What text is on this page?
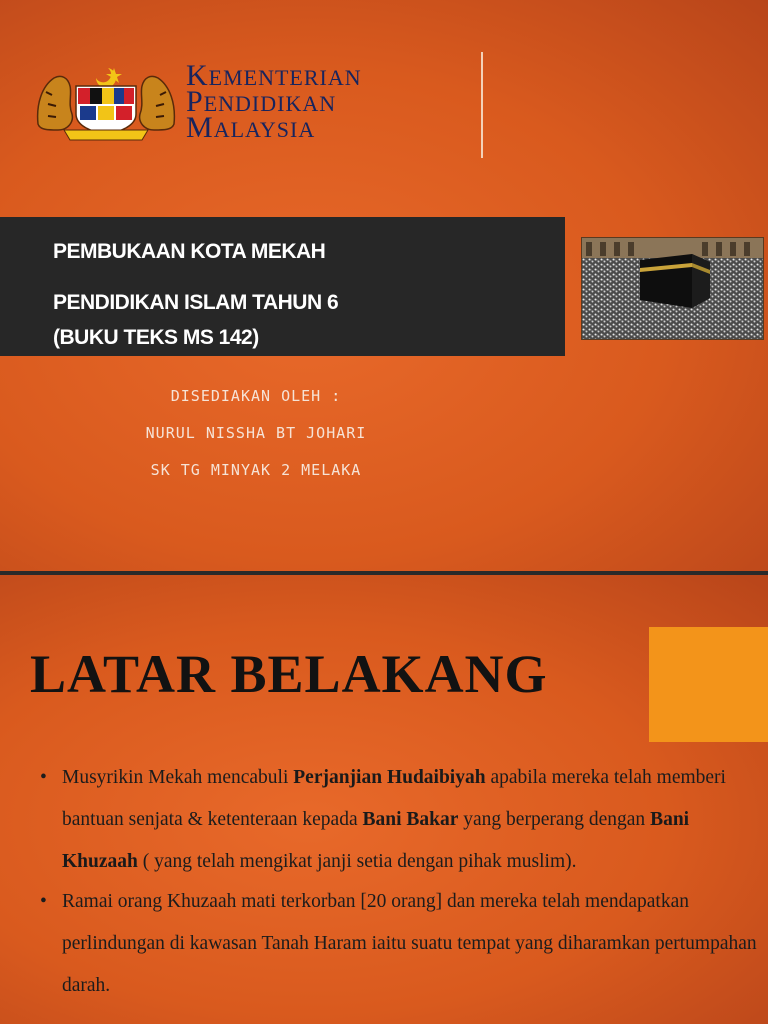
KEMENTERIAN
PENDIDIKAN
MALAYSIA
PEMBUKAAN KOTA MEKAH
PENDIDIKAN ISLAM TAHUN 6
(BUKU TEKS MS 142)
DISEDIAKAN OLEH :
NURUL NISSHA BT JOHARI
SK TG MINYAK 2 MELAKA
LATAR BELAKANG
• Musyrikin Mekah mencabuli Perjanjian Hudaibiyah apabila mereka telah memberi bantuan senjata & ketenteraan kepada Bani Bakar yang berperang dengan Bani Khuzaah ( yang telah mengikat janji setia dengan pihak muslim).
• Ramai orang Khuzaah mati terkorban [20 orang] dan mereka telah mendapatkan perlindungan di kawasan Tanah Haram iaitu suatu tempat yang diharamkan pertumpahan darah.
